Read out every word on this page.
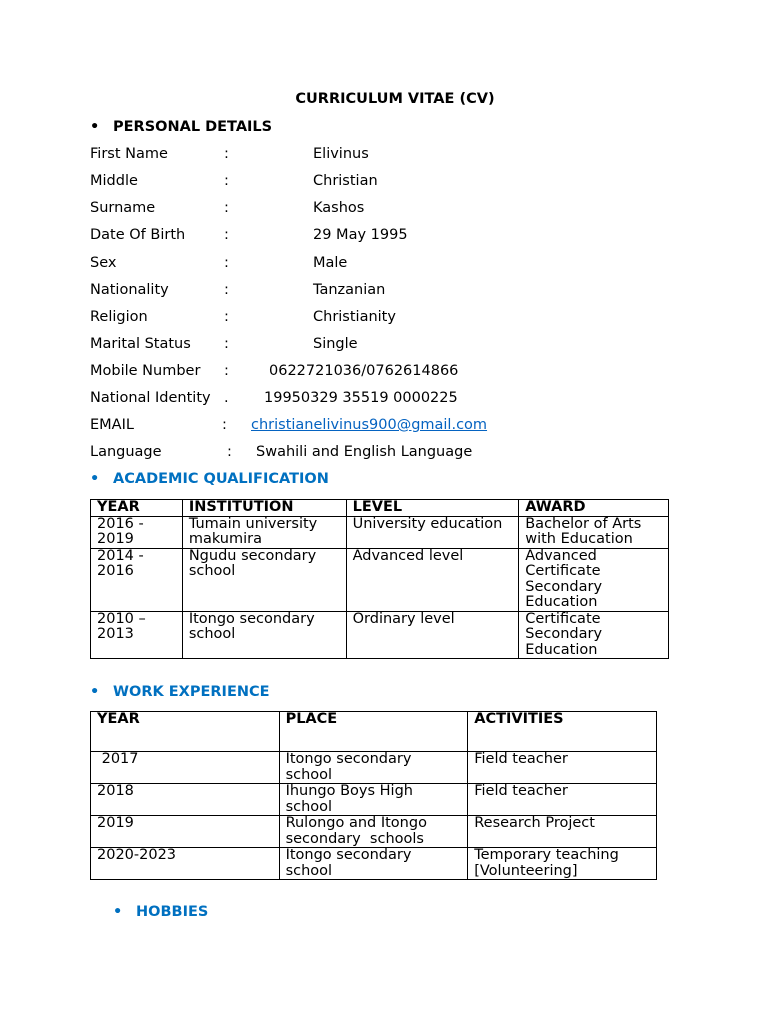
CURRICULUM VITAE (CV)
• PERSONAL DETAILS
First Name	:	Elivinus
Middle	:	Christian
Surname	:	Kashos
Date Of Birth	:	29 May 1995
Sex	:	Male
Nationality	:	Tanzanian
Religion	:	Christianity
Marital Status :	Single
Mobile Number :	0622721036/0762614866
National Identity . 19950329 35519 0000225
EMAIL	: christianelivinus900@gmail.com
Language	: Swahili and English Language
• ACADEMIC QUALIFICATION
YEAR	INSTITUTION	LEVEL	AWARD
2016 - 2019	Tumain university makumira	University education	Bachelor of Arts with Education
2014 - 2016	Ngudu secondary school	Advanced level	Advanced Certificate Secondary Education
2010 – 2013	Itongo secondary school	Ordinary level	Certificate Secondary Education
• WORK EXPERIENCE
YEAR	PLACE	ACTIVITIES
2017	Itongo secondary school	Field teacher
2018	Ihungo Boys High school	Field teacher
2019	Rulongo and Itongo secondary  schools	Research Project
2020-2023	Itongo secondary school	Temporary teaching [Volunteering]
• HOBBIES
